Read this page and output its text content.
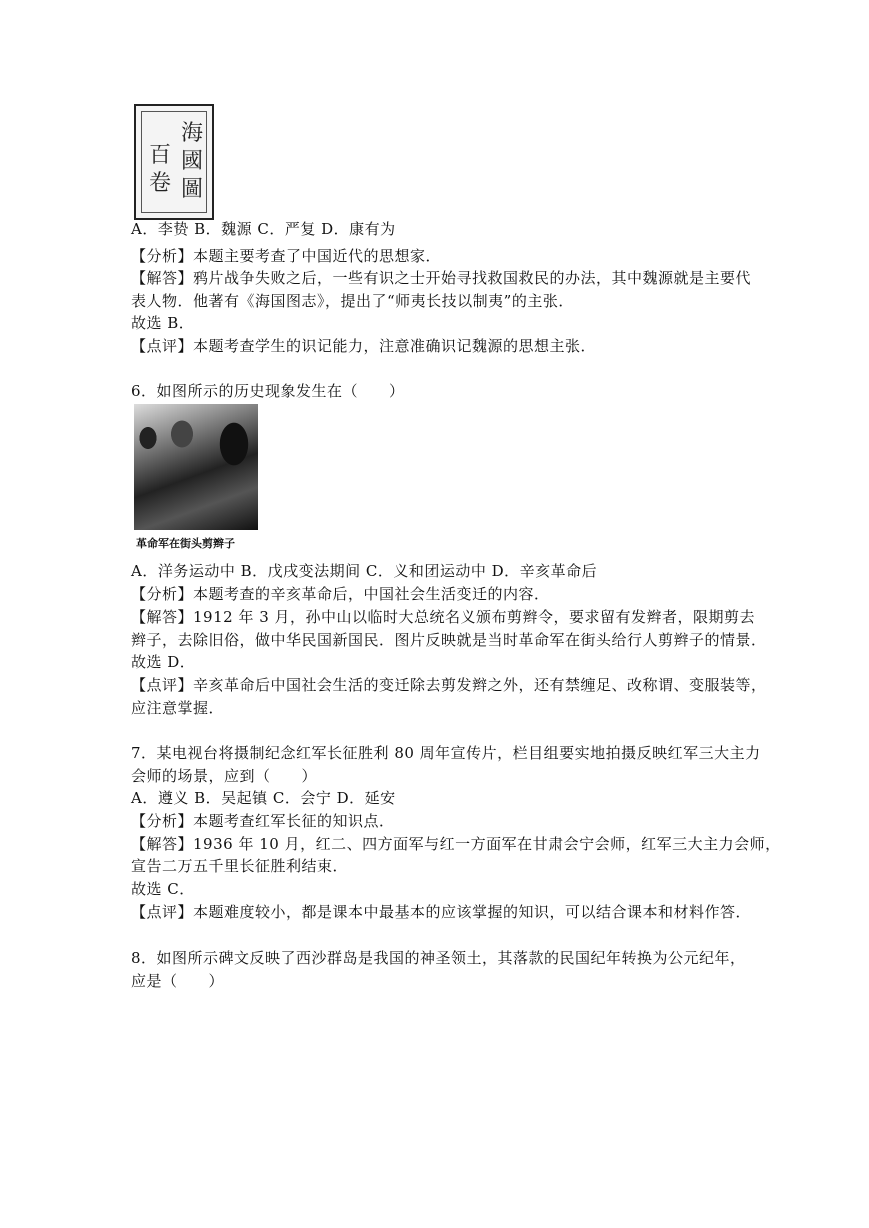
海
國
圖
百
卷
A．李贽 B．魏源 C．严复 D．康有为
【分析】本题主要考查了中国近代的思想家．
【解答】鸦片战争失败之后，一些有识之士开始寻找救国救民的办法，其中魏源就是主要代
表人物．他著有《海国图志》，提出了“师夷长技以制夷”的主张．
故选 B．
【点评】本题考查学生的识记能力，注意准确识记魏源的思想主张．
6．如图所示的历史现象发生在（　　）
革命军在街头剪辫子
A．洋务运动中 B．戊戌变法期间 C．义和团运动中 D．辛亥革命后
【分析】本题考查的辛亥革命后，中国社会生活变迁的内容．
【解答】1912 年 3 月，孙中山以临时大总统名义颁布剪辫令，要求留有发辫者，限期剪去
辫子，去除旧俗，做中华民国新国民．图片反映就是当时革命军在街头给行人剪辫子的情景．
故选 D．
【点评】辛亥革命后中国社会生活的变迁除去剪发辫之外，还有禁缠足、改称谓、变服装等，
应注意掌握．
7．某电视台将摄制纪念红军长征胜利 80 周年宣传片，栏目组要实地拍摄反映红军三大主力
会师的场景，应到（　　）
A．遵义 B．吴起镇 C．会宁 D．延安
【分析】本题考查红军长征的知识点．
【解答】1936 年 10 月，红二、四方面军与红一方面军在甘肃会宁会师，红军三大主力会师，
宣告二万五千里长征胜利结束．
故选 C．
【点评】本题难度较小，都是课本中最基本的应该掌握的知识，可以结合课本和材料作答．
8．如图所示碑文反映了西沙群岛是我国的神圣领土，其落款的民国纪年转换为公元纪年，
应是（　　）
